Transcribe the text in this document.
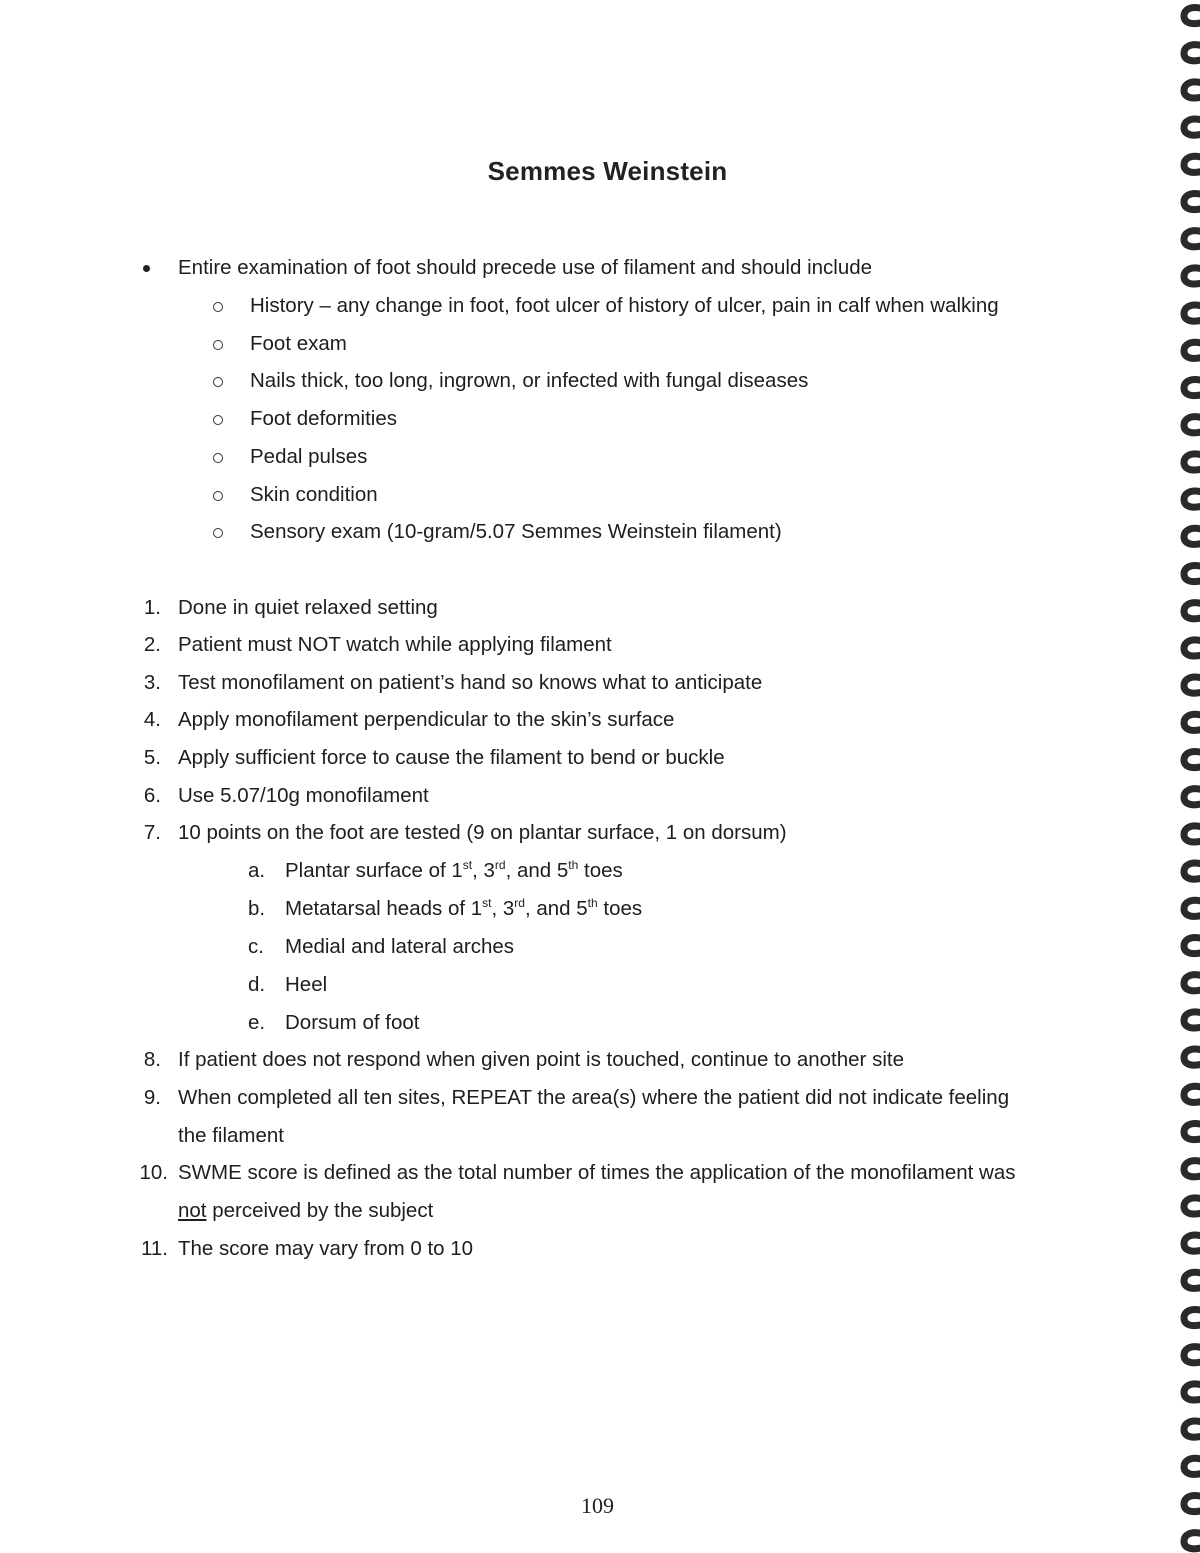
Semmes Weinstein
Entire examination of foot should precede use of filament and should include
History – any change in foot, foot ulcer of history of ulcer, pain in calf when walking
Foot exam
Nails thick, too long, ingrown, or infected with fungal diseases
Foot deformities
Pedal pulses
Skin condition
Sensory exam (10-gram/5.07 Semmes Weinstein filament)
1. Done in quiet relaxed setting
2. Patient must NOT watch while applying filament
3. Test monofilament on patient’s hand so knows what to anticipate
4. Apply monofilament perpendicular to the skin’s surface
5. Apply sufficient force to cause the filament to bend or buckle
6. Use 5.07/10g monofilament
7. 10 points on the foot are tested (9 on plantar surface, 1 on dorsum)
a. Plantar surface of 1st, 3rd, and 5th toes
b. Metatarsal heads of 1st, 3rd, and 5th toes
c. Medial and lateral arches
d. Heel
e. Dorsum of foot
8. If patient does not respond when given point is touched, continue to another site
9. When completed all ten sites, REPEAT the area(s) where the patient did not indicate feeling
the filament
10. SWME score is defined as the total number of times the application of the monofilament was
not perceived by the subject
11. The score may vary from 0 to 10
109
